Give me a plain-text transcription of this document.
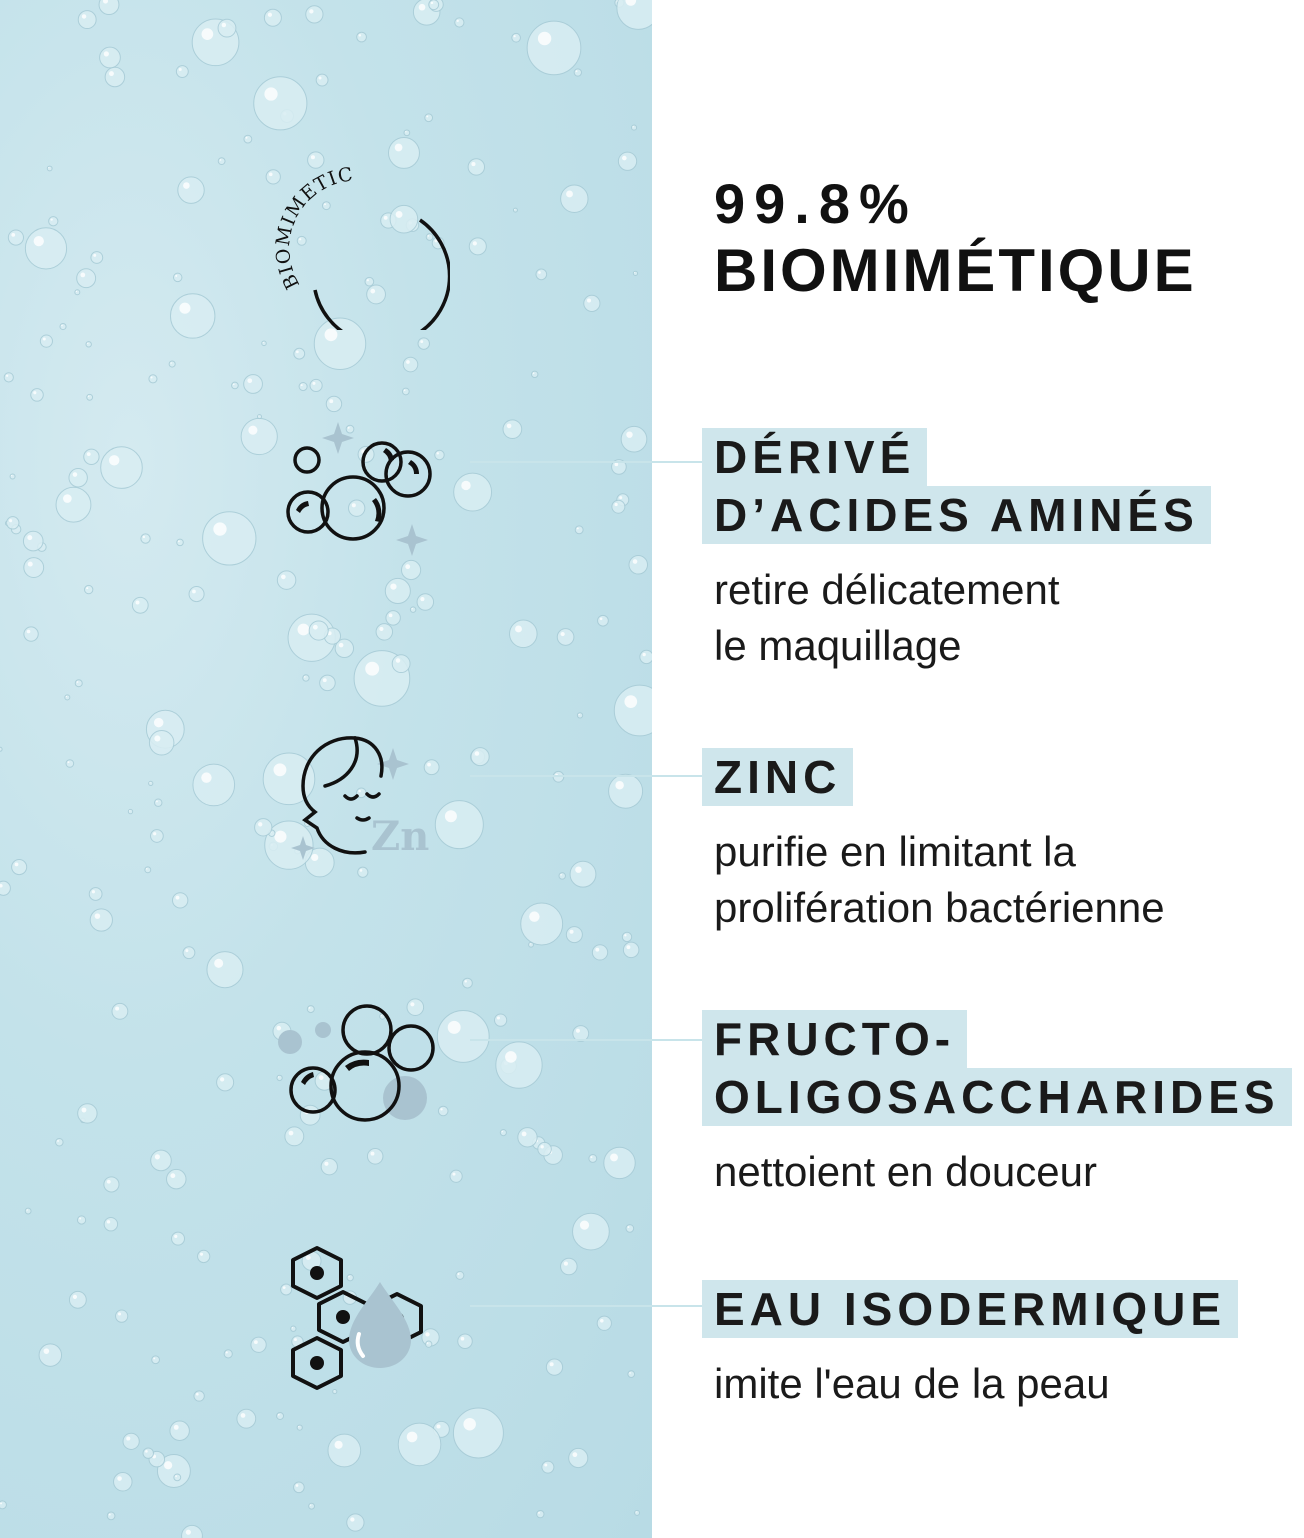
BIOMIMETIC
Zn
99.8%
BIOMIMÉTIQUE
DÉRIVÉ
D’ACIDES AMINÉS
retire délicatement
le maquillage
ZINC
purifie en limitant la
prolifération bactérienne
FRUCTO-
OLIGOSACCHARIDES
nettoient en douceur
EAU ISODERMIQUE
imite l'eau de la peau
